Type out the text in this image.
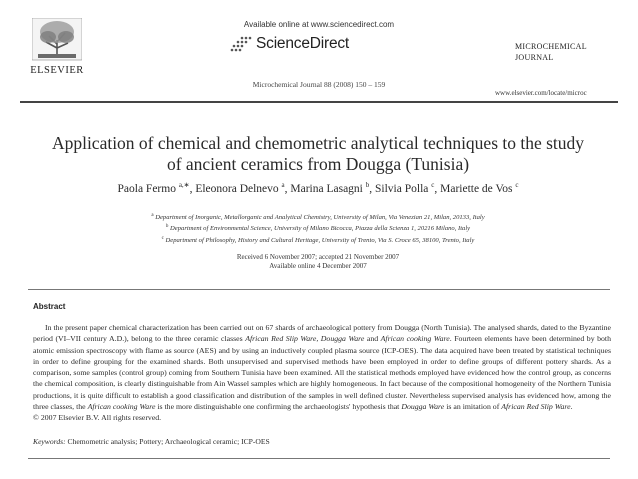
ELSEVIER
Available online at www.sciencedirect.com
ScienceDirect
Microchemical Journal 88 (2008) 150 – 159
MICROCHEMICAL
JOURNAL
www.elsevier.com/locate/microc
Application of chemical and chemometric analytical techniques to the study
of ancient ceramics from Dougga (Tunisia)
Paola Fermo $^{a,∗}$, Eleonora Delnevo $^a$, Marina Lasagni $^b$, Silvia Polla $^c$, Mariette de Vos $^c$
$^a$ Department of Inorganic, Metallorganic and Analytical Chemistry, University of Milan, Via Venezian 21, Milan, 20133, Italy
$^b$ Department of Environmental Science, University of Milano Bicocca, Piazza della Scienza 1, 20216 Milano, Italy
$^c$ Department of Philosophy, History and Cultural Heritage, University of Trento, Via S. Croce 65, 38100, Trento, Italy
Received 6 November 2007; accepted 21 November 2007
Available online 4 December 2007
Abstract

In the present paper chemical characterization has been carried out on 67 shards of archaeological pottery from Dougga (North Tunisia). The analysed shards, dated to the Byzantine period (VI–VII century A.D.), belong to the three ceramic classes African Red Slip Ware, Dougga Ware and African cooking Ware. Fourteen elements have been determined by both atomic emission spectroscopy with flame as source (AES) and by using an inductively coupled plasma source (ICP-OES). The data acquired have been treated by statistical techniques in order to define grouping for the examined shards. Both unsupervised and supervised methods have been employed in order to define groups of different pottery shards. As a comparison, some samples (control group) coming from Southern Tunisia have been examined. All the statistical methods employed have evidenced how the control group, as concerns the chemical composition, is clearly distinguishable from Ain Wassel samples which are highly homogeneous. In fact because of the compositional homogeneity of the Northern Tunisia productions, it is quite difficult to establish a good classification and distribution of the samples in well defined cluster. Nevertheless supervised analysis has evidenced how, among the three classes, the African cooking Ware is the more distinguishable one confirming the archaeologists' hypothesis that Dougga Ware is an imitation of African Red Slip Ware.

© 2007 Elsevier B.V. All rights reserved.

Keywords: Chemometric analysis; Pottery; Archaeological ceramic; ICP-OES
